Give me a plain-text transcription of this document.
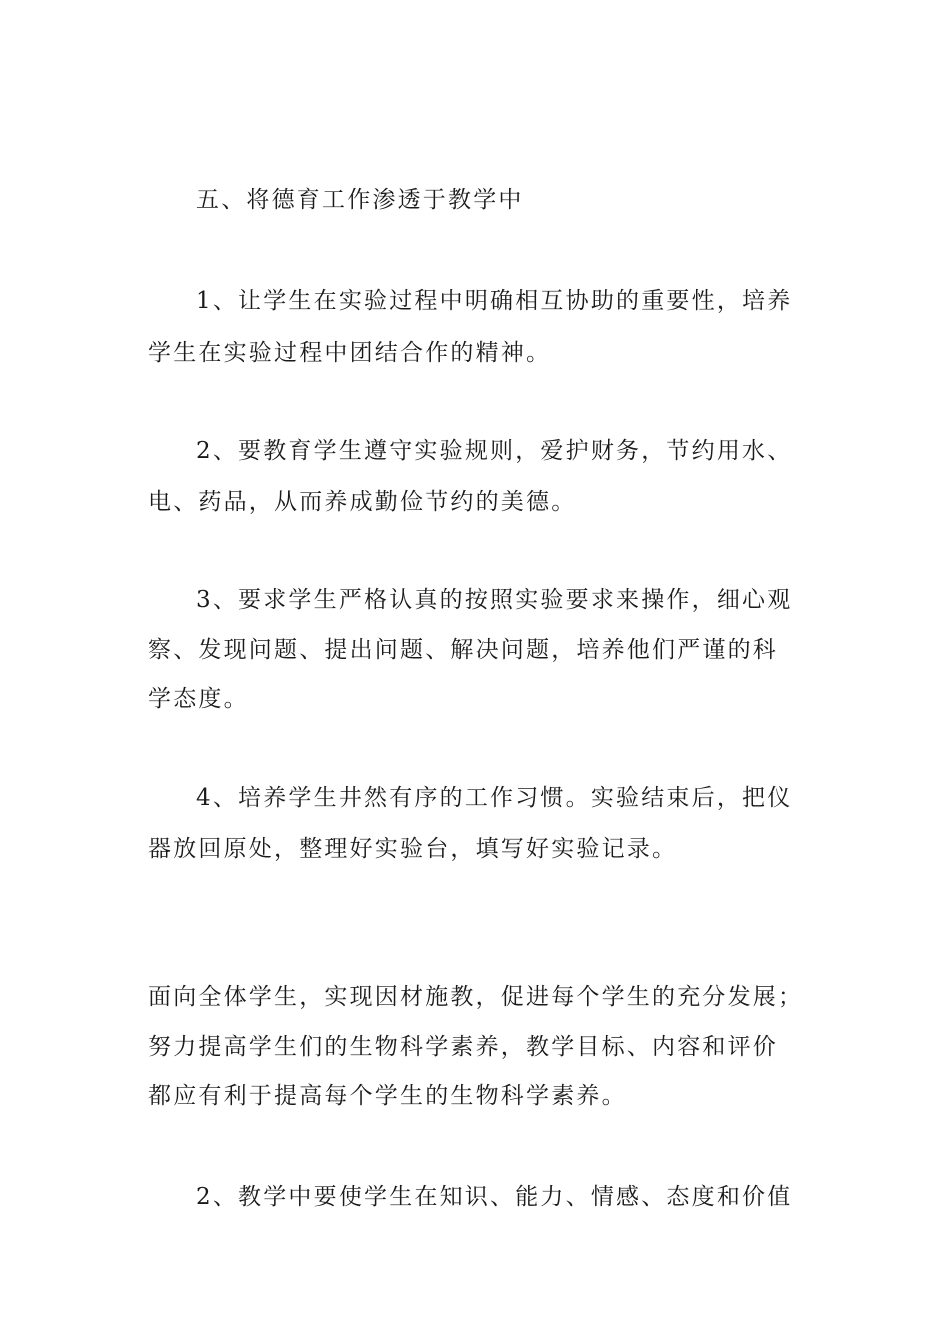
五、将德育工作渗透于教学中

1、让学生在实验过程中明确相互协助的重要性，培养

学生在实验过程中团结合作的精神。

2、要教育学生遵守实验规则，爱护财务，节约用水、

电、药品，从而养成勤俭节约的美德。

3、要求学生严格认真的按照实验要求来操作，细心观

察、发现问题、提出问题、解决问题，培养他们严谨的科

学态度。

4、培养学生井然有序的工作习惯。实验结束后，把仪

器放回原处，整理好实验台，填写好实验记录。

面向全体学生，实现因材施教，促进每个学生的充分发展；

努力提高学生们的生物科学素养，教学目标、内容和评价

都应有利于提高每个学生的生物科学素养。

2、教学中要使学生在知识、能力、情感、态度和价值
